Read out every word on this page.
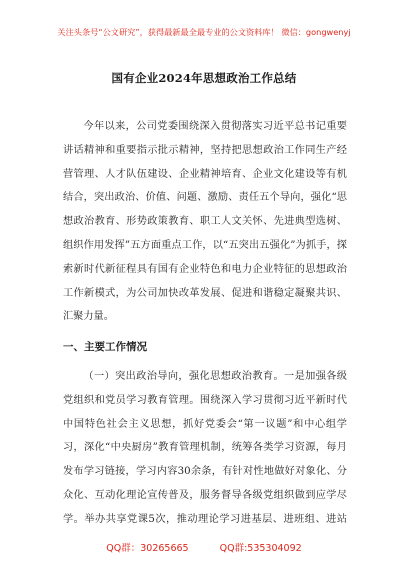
关注头条号“公文研究”，获得最新最全最专业的公文资料库！ 微信：gongwenyj
国有企业2024年思想政治工作总结
今年以来，公司党委围绕深入贯彻落实习近平总书记重要讲话精神和重要指示批示精神，坚持把思想政治工作同生产经营管理、人才队伍建设、企业精神培育、企业文化建设等有机结合，突出政治、价值、问题、激励、责任五个导向，强化“思想政治教育、形势政策教育、职工人文关怀、先进典型选树、组织作用发挥”五方面重点工作，以“五突出五强化”为抓手，探索新时代新征程具有国有企业特色和电力企业特征的思想政治工作新模式，为公司加快改革发展、促进和谐稳定凝聚共识、汇聚力量。
一、主要工作情况
（一）突出政治导向，强化思想政治教育。一是加强各级党组织和党员学习教育管理。围绕深入学习贯彻习近平新时代中国特色社会主义思想，抓好党委会“第一议题”和中心组学习，深化“中央厨房”教育管理机制，统筹各类学习资源，每月发布学习链接，学习内容30余条，有针对性地做好对象化、分众化、互动化理论宣传普及，服务督导各级党组织做到应学尽学。举办共享党课5次，推动理论学习进基层、进班组、进站
QQ群：30265665	QQ群:535304092
